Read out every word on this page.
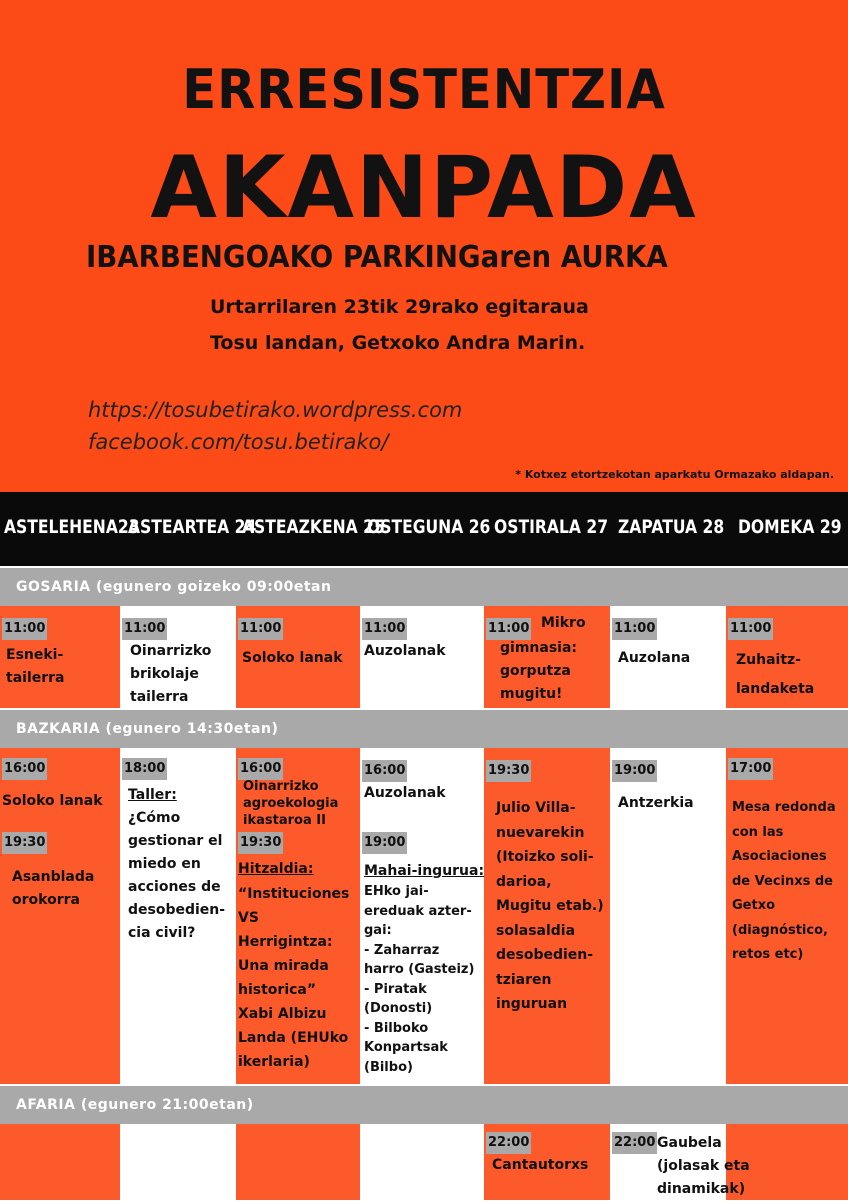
ERRESISTENTZIA
AKANPADA
IBARBENGOAKO PARKINGaren AURKA
Urtarrilaren 23tik 29rako egitaraua
Tosu landan, Getxoko Andra Marin.
https://tosubetirako.wordpress.com
facebook.com/tosu.betirako/
* Kotxez etortzekotan aparkatu Ormazako aldapan.
ASTELEHENA23
ASTEARTEA 24
ASTEAZKENA 25
OSTEGUNA 26 OSTIRALA 27 ZAPATUA 28 DOMEKA 29
GOSARIA (egunero goizeko 09:00etan
11:00
Esneki-
tailerra
11:00
Oinarrizko
brikolaje
tailerra
11:00
Soloko lanak
11:00
Auzolanak
11:00 Mikro
gimnasia:
gorputza
mugitu!
11:00
Auzolana
11:00
Zuhaitz-
landaketa
BAZKARIA (egunero 14:30etan)
16:00
Soloko lanak
19:30
Asanblada
orokorra
18:00
Taller:
¿Cómo
gestionar el
miedo en
acciones de
desobedien-
cia civil?
16:00
Oinarrizko
agroekologia
ikastaroa II
19:30
Hitzaldia:
“Instituciones
VS
Herrigintza:
Una mirada
historica”
Xabi Albizu
Landa (EHUko
ikerlaria)
16:00
Auzolanak
19:00
Mahai-ingurua:
EHko jai-
ereduak azter-
gai:
- Zaharraz
harro (Gasteiz)
- Piratak
(Donosti)
- Bilboko
Konpartsak
(Bilbo)
19:30
Julio Villa-
nuevarekin
(Itoizko soli-
darioa,
Mugitu etab.)
solasaldia
desobedien-
tziaren
inguruan
19:00
Antzerkia
17:00
Mesa redonda
con las
Asociaciones
de Vecinxs de
Getxo
(diagnóstico,
retos etc)
AFARIA (egunero 21:00etan)
22:00
Cantautorxs
22:00 Gaubela
(jolasak eta
dinamikak)
